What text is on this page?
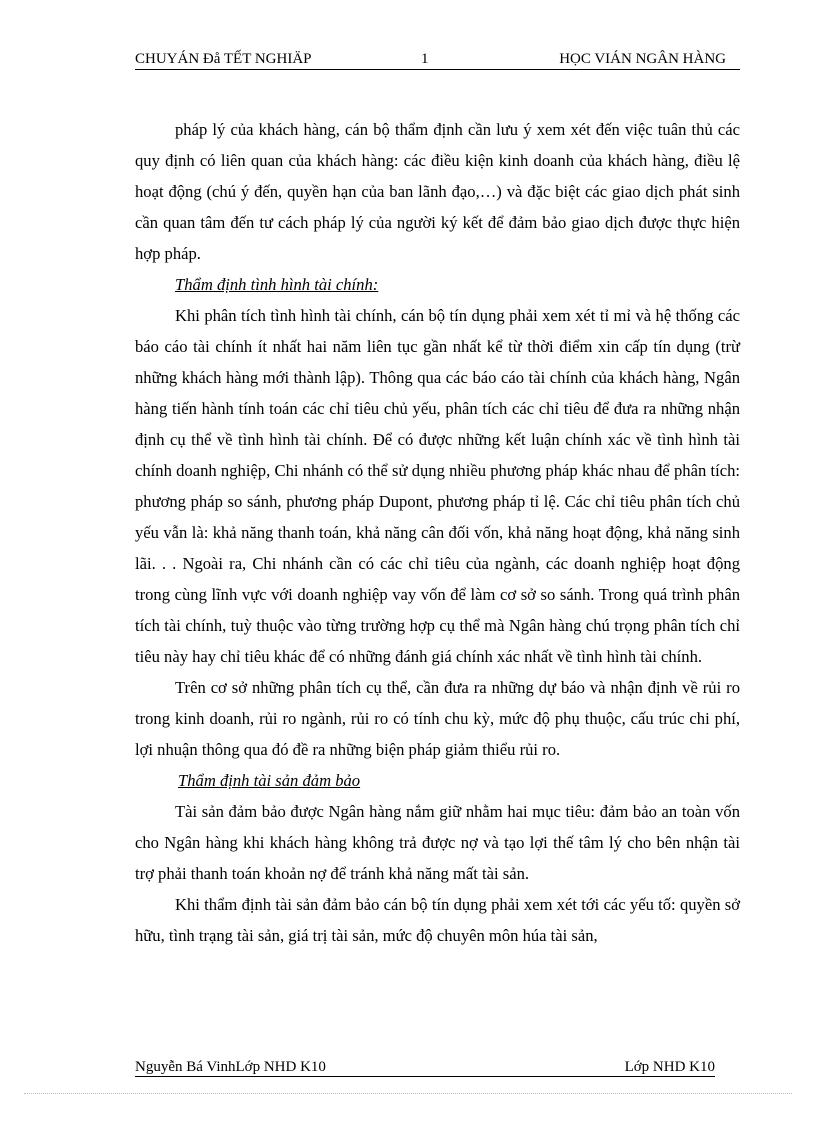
CHUYÁN Đå TẾT NGHIÄP	1	HỌC VIÁN NGÂN HÀNG

pháp lý của khách hàng, cán bộ thẩm định cần lưu ý xem xét đến việc tuân thủ các quy định có liên quan của khách hàng: các điều kiện kinh doanh của khách hàng, điều lệ hoạt động (chú ý đến, quyền hạn của ban lãnh đạo,…) và đặc biệt các giao dịch phát sinh cần quan tâm đến tư cách pháp lý của người ký kết để đảm bảo giao dịch được thực hiện hợp pháp.

Thẩm định tình hình tài chính:

Khi phân tích tình hình tài chính, cán bộ tín dụng phải xem xét tỉ mỉ và hệ thống các báo cáo tài chính ít nhất hai năm liên tục gần nhất kể từ thời điểm xin cấp tín dụng (trừ những khách hàng mới thành lập). Thông qua các báo cáo tài chính của khách hàng, Ngân hàng tiến hành tính toán các chỉ tiêu chủ yếu, phân tích các chỉ tiêu để đưa ra những nhận định cụ thể về tình hình tài chính. Để có được những kết luận chính xác về tình hình tài chính doanh nghiệp, Chi nhánh có thể sử dụng nhiều phương pháp khác nhau để phân tích: phương pháp so sánh, phương pháp Dupont, phương pháp tỉ lệ. Các chỉ tiêu phân tích chủ yếu vẫn là: khả năng thanh toán, khả năng cân đối vốn, khả năng hoạt động, khả năng sinh lãi. . . Ngoài ra, Chi nhánh cần có các chỉ tiêu của ngành, các doanh nghiệp hoạt động trong cùng lĩnh vực với doanh nghiệp vay vốn để làm cơ sở so sánh. Trong quá trình phân tích tài chính, tuỳ thuộc vào từng trường hợp cụ thể mà Ngân hàng chú trọng phân tích chỉ tiêu này hay chỉ tiêu khác để có những đánh giá chính xác nhất về tình hình tài chính.

Trên cơ sở những phân tích cụ thể, cần đưa ra những dự báo và nhận định về rủi ro trong kinh doanh, rủi ro ngành, rủi ro có tính chu kỳ, mức độ phụ thuộc, cấu trúc chi phí, lợi nhuận thông qua đó đề ra những biện pháp giảm thiểu rủi ro.

Thẩm định tài sản đảm bảo

Tài sản đảm bảo được Ngân hàng nắm giữ nhằm hai mục tiêu: đảm bảo an toàn vốn cho Ngân hàng khi khách hàng không trả được nợ và tạo lợi thế tâm lý cho bên nhận tài trợ phải thanh toán khoản nợ để tránh khả năng mất tài sản.

Khi thẩm định tài sản đảm bảo cán bộ tín dụng phải xem xét tới các yếu tố: quyền sở hữu, tình trạng tài sản, giá trị tài sản, mức độ chuyên môn húa tài sản,

Nguyễn Bá VinhLớp NHD K10	Lớp NHD K10
